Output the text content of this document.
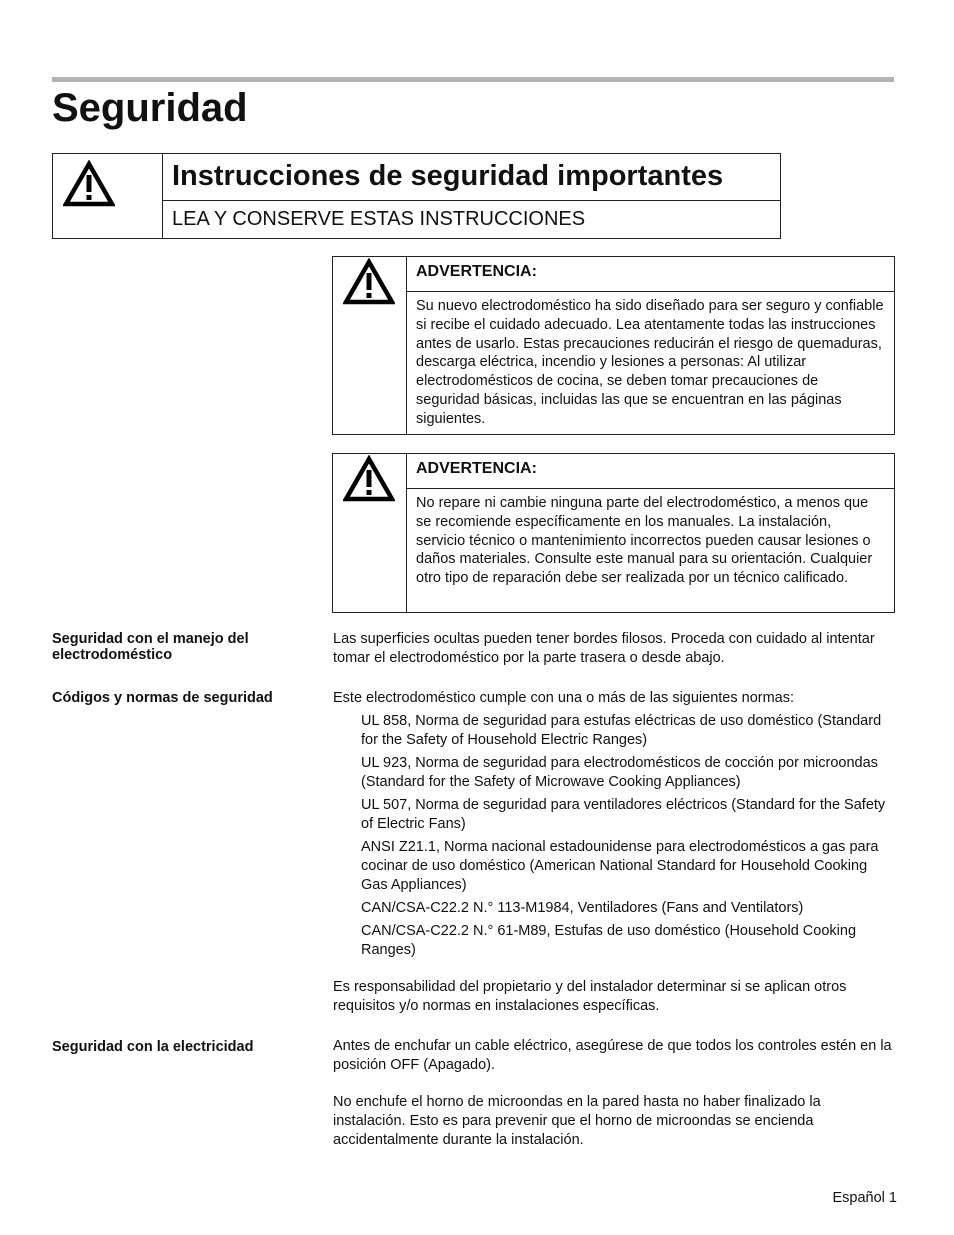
Seguridad
Instrucciones de seguridad importantes
LEA Y CONSERVE ESTAS INSTRUCCIONES
ADVERTENCIA:
Su nuevo electrodoméstico ha sido diseñado para ser seguro y confiable si recibe el cuidado adecuado. Lea atentamente todas las instrucciones antes de usarlo. Estas precauciones reducirán el riesgo de quemaduras, descarga eléctrica, incendio y lesiones a personas: Al utilizar electrodomésticos de cocina, se deben tomar precauciones de seguridad básicas, incluidas las que se encuentran en las páginas siguientes.
ADVERTENCIA:
No repare ni cambie ninguna parte del electrodoméstico, a menos que se recomiende específicamente en los manuales. La instalación, servicio técnico o mantenimiento incorrectos pueden causar lesiones o daños materiales. Consulte este manual para su orientación. Cualquier otro tipo de reparación debe ser realizada por un técnico calificado.
Seguridad con el manejo del electrodoméstico
Las superficies ocultas pueden tener bordes filosos. Proceda con cuidado al intentar tomar el electrodoméstico por la parte trasera o desde abajo.
Códigos y normas de seguridad	Este electrodoméstico cumple con una o más de las siguientes normas:
UL 858, Norma de seguridad para estufas eléctricas de uso doméstico (Standard for the Safety of Household Electric Ranges)
UL 923, Norma de seguridad para electrodomésticos de cocción por microondas (Standard for the Safety of Microwave Cooking Appliances)
UL 507, Norma de seguridad para ventiladores eléctricos (Standard for the Safety of Electric Fans)
ANSI Z21.1, Norma nacional estadounidense para electrodomésticos a gas para cocinar de uso doméstico (American National Standard for Household Cooking Gas Appliances)
CAN/CSA-C22.2 N.° 113-M1984, Ventiladores (Fans and Ventilators)
CAN/CSA-C22.2 N.° 61-M89, Estufas de uso doméstico (Household Cooking Ranges)
Es responsabilidad del propietario y del instalador determinar si se aplican otros requisitos y/o normas en instalaciones específicas.
Seguridad con la electricidad	Antes de enchufar un cable eléctrico, asegúrese de que todos los controles estén en la posición OFF (Apagado).
No enchufe el horno de microondas en la pared hasta no haber finalizado la instalación. Esto es para prevenir que el horno de microondas se encienda accidentalmente durante la instalación.
Español 1
